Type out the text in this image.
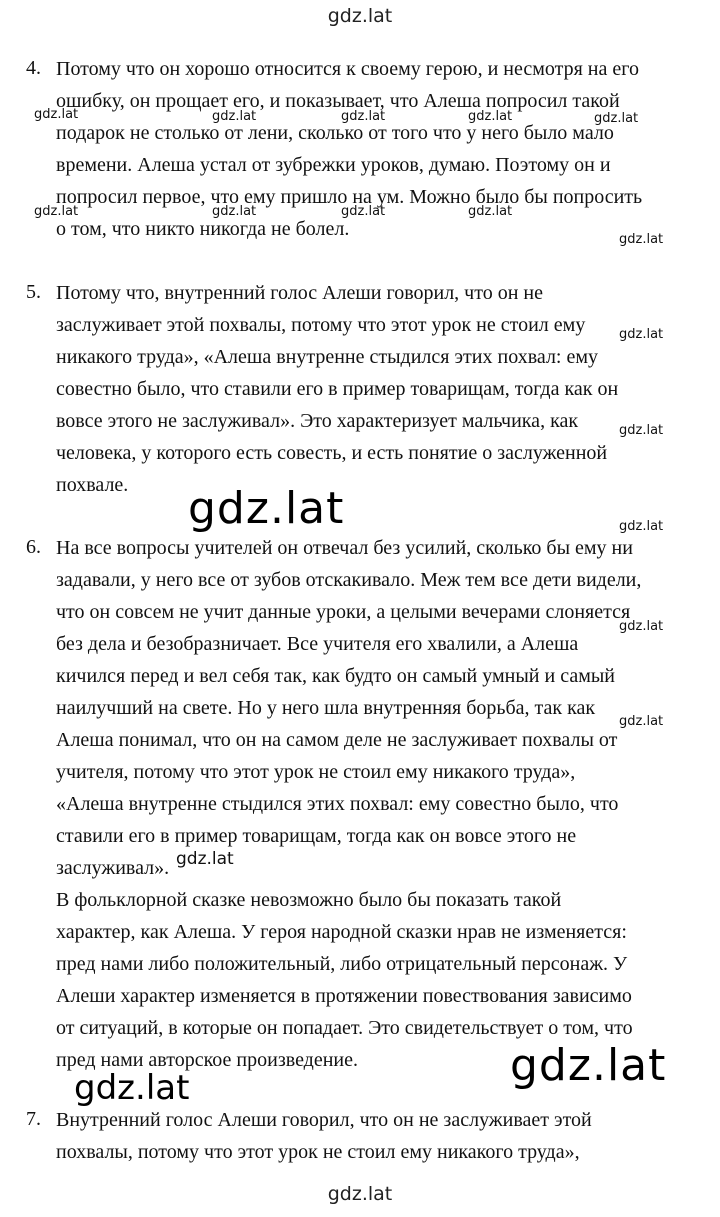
gdz.lat
4. Потому что он хорошо относится к своему герою, и несмотря на его
ошибку, он прощает его, и показывает, что Алеша попросил такой
подарок не столько от лени, сколько от того что у него было мало
времени. Алеша устал от зубрежки уроков, думаю. Поэтому он и
попросил первое, что ему пришло на ум. Можно было бы попросить
о том, что никто никогда не болел.
5. Потому что, внутренний голос Алеши говорил, что он не
заслуживает этой похвалы, потому что этот урок не стоил ему
никакого труда», «Алеша внутренне стыдился этих похвал: ему
совестно было, что ставили его в пример товарищам, тогда как он
вовсе этого не заслуживал». Это характеризует мальчика, как
человека, у которого есть совесть, и есть понятие о заслуженной
похвале.
6. На все вопросы учителей он отвечал без усилий, сколько бы ему ни
задавали, у него все от зубов отскакивало. Меж тем все дети видели,
что он совсем не учит данные уроки, а целыми вечерами слоняется
без дела и безобразничает. Все учителя его хвалили, а Алеша
кичился перед и вел себя так, как будто он самый умный и самый
наилучший на свете. Но у него шла внутренняя борьба, так как
Алеша понимал, что он на самом деле не заслуживает похвалы от
учителя, потому что этот урок не стоил ему никакого труда»,
«Алеша внутренне стыдился этих похвал: ему совестно было, что
ставили его в пример товарищам, тогда как он вовсе этого не
заслуживал».
В фольклорной сказке невозможно было бы показать такой
характер, как Алеша. У героя народной сказки нрав не изменяется:
пред нами либо положительный, либо отрицательный персонаж. У
Алеши характер изменяется в протяжении повествования зависимо
от ситуаций, в которые он попадает. Это свидетельствует о том, что
пред нами авторское произведение.
7. Внутренний голос Алеши говорил, что он не заслуживает этой
похвалы, потому что этот урок не стоил ему никакого труда»,
gdz.lat	gdz.lat	gdz.lat	gdz.lat	gdz.lat
gdz.lat	gdz.lat	gdz.lat	gdz.lat
gdz.lat
gdz.lat
gdz.lat
gdz.lat
gdz.lat
gdz.lat
gdz.lat
gdz.lat
gdz.lat
gdz.lat
gdz.lat
